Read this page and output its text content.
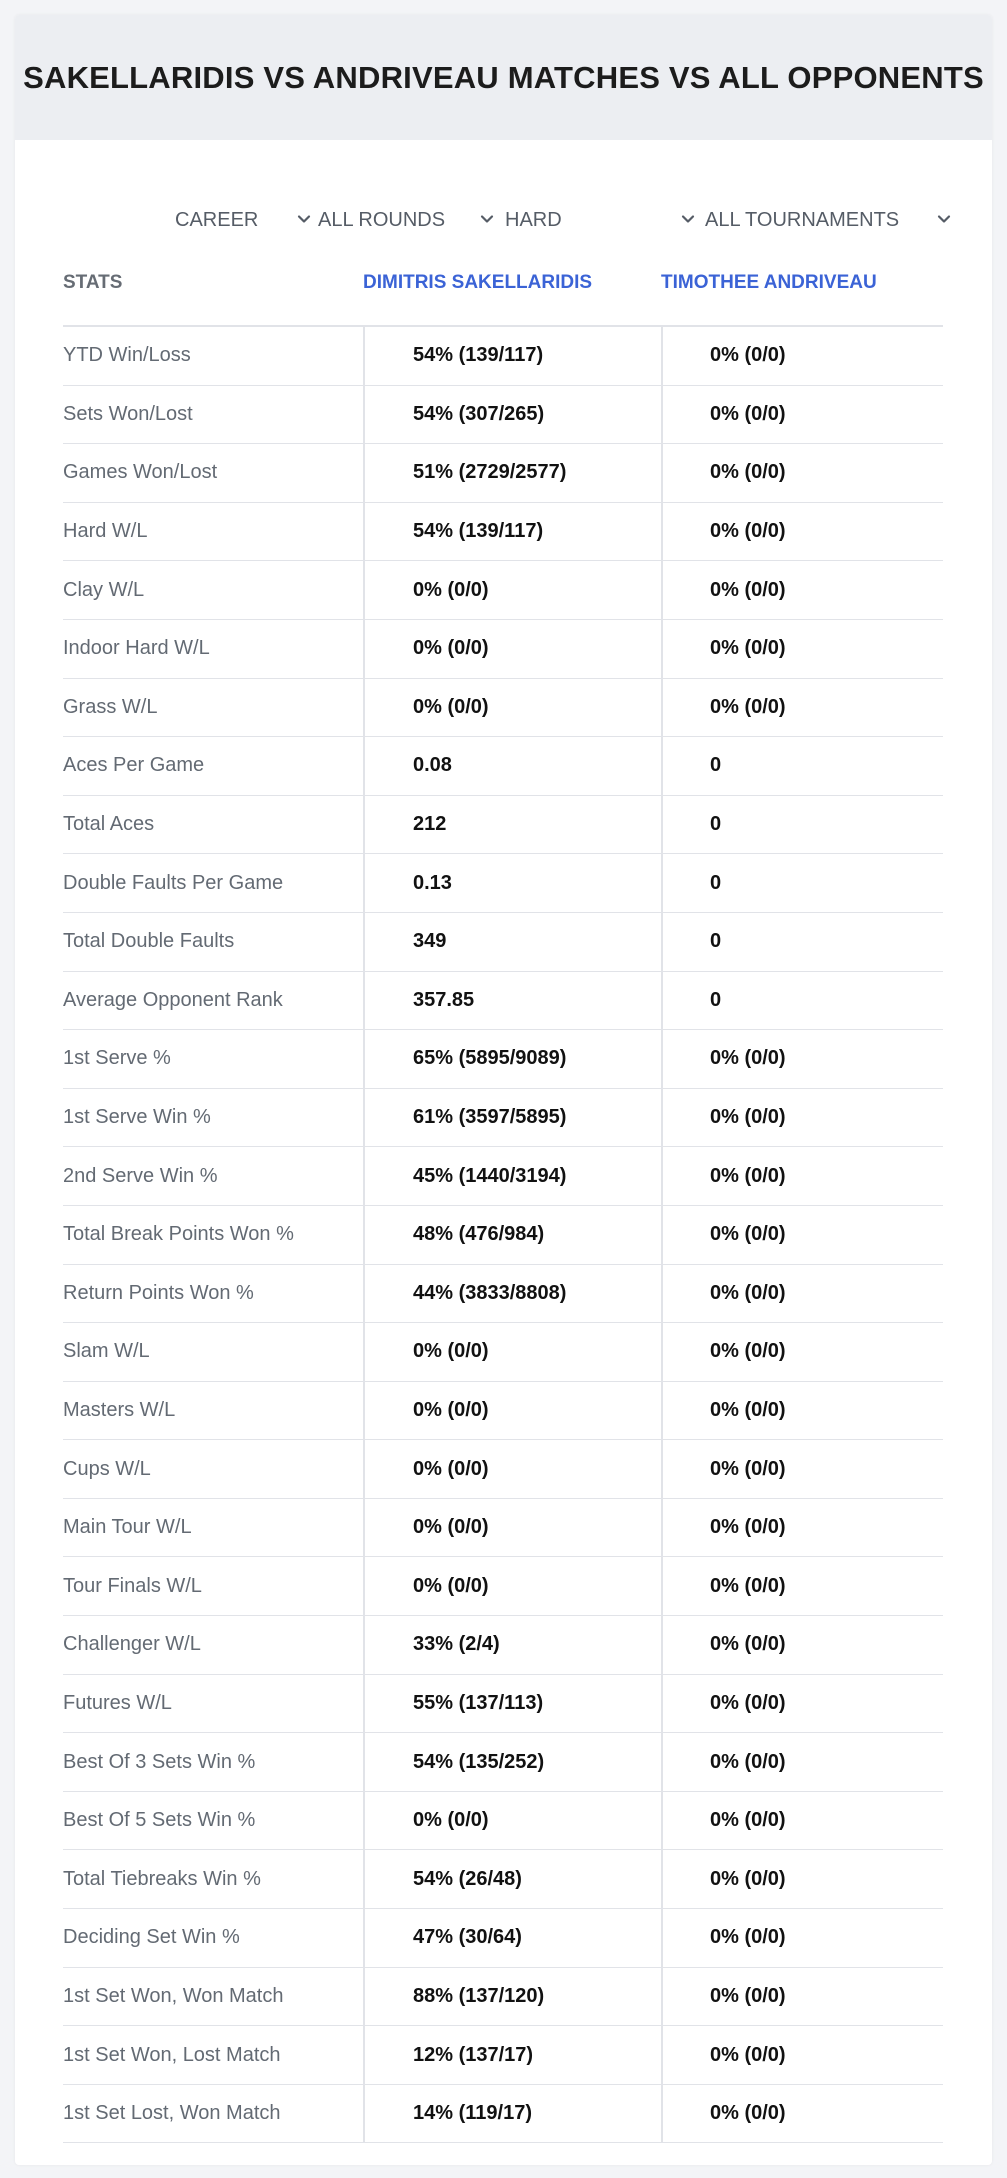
SAKELLARIDIS VS ANDRIVEAU MATCHES VS ALL OPPONENTS
CAREER	ALL ROUNDS	HARD	ALL TOURNAMENTS
STATS	DIMITRIS SAKELLARIDIS	TIMOTHEE ANDRIVEAU
YTD Win/Loss	54% (139/117)	0% (0/0)
Sets Won/Lost	54% (307/265)	0% (0/0)
Games Won/Lost	51% (2729/2577)	0% (0/0)
Hard W/L	54% (139/117)	0% (0/0)
Clay W/L	0% (0/0)	0% (0/0)
Indoor Hard W/L	0% (0/0)	0% (0/0)
Grass W/L	0% (0/0)	0% (0/0)
Aces Per Game	0.08	0
Total Aces	212	0
Double Faults Per Game	0.13	0
Total Double Faults	349	0
Average Opponent Rank	357.85	0
1st Serve %	65% (5895/9089)	0% (0/0)
1st Serve Win %	61% (3597/5895)	0% (0/0)
2nd Serve Win %	45% (1440/3194)	0% (0/0)
Total Break Points Won %	48% (476/984)	0% (0/0)
Return Points Won %	44% (3833/8808)	0% (0/0)
Slam W/L	0% (0/0)	0% (0/0)
Masters W/L	0% (0/0)	0% (0/0)
Cups W/L	0% (0/0)	0% (0/0)
Main Tour W/L	0% (0/0)	0% (0/0)
Tour Finals W/L	0% (0/0)	0% (0/0)
Challenger W/L	33% (2/4)	0% (0/0)
Futures W/L	55% (137/113)	0% (0/0)
Best Of 3 Sets Win %	54% (135/252)	0% (0/0)
Best Of 5 Sets Win %	0% (0/0)	0% (0/0)
Total Tiebreaks Win %	54% (26/48)	0% (0/0)
Deciding Set Win %	47% (30/64)	0% (0/0)
1st Set Won, Won Match	88% (137/120)	0% (0/0)
1st Set Won, Lost Match	12% (137/17)	0% (0/0)
1st Set Lost, Won Match	14% (119/17)	0% (0/0)
